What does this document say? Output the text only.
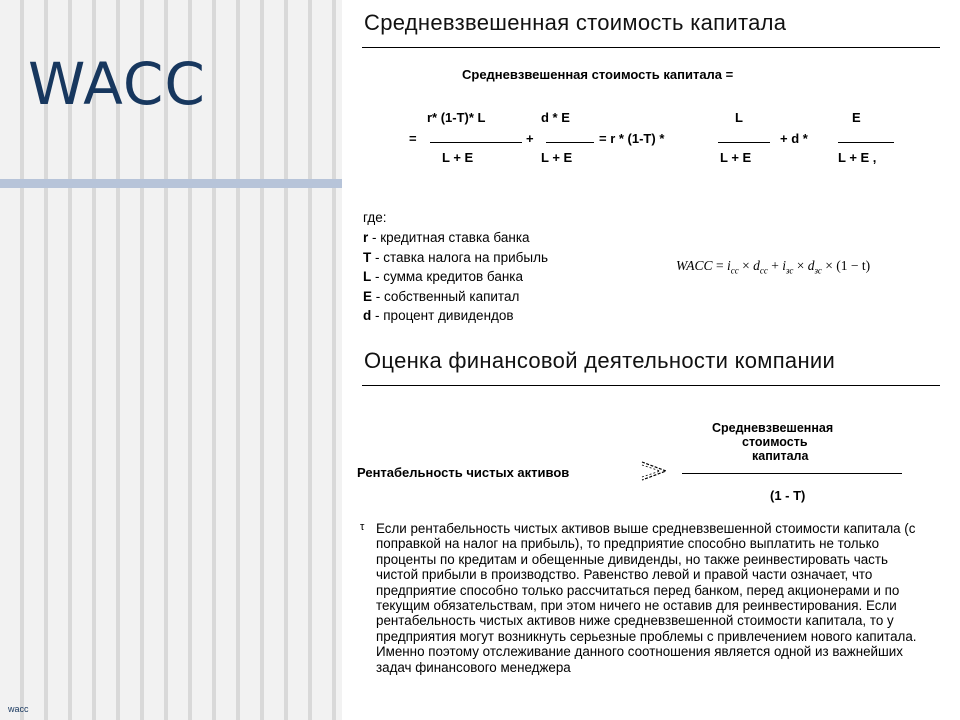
WACC
wacc
Средневзвешенная стоимость капитала
Средневзвешенная стоимость капитала =
=
r* (1-T)* L
L + E
+
d * E
L + E
= r * (1-T) *
L
L + E
+ d *
E
L + E ,
где:
r - кредитная ставка банка
T - ставка налога на прибыль
L - сумма кредитов банка
E - собственный капитал
d - процент дивидендов
WACC = $i_{cc} \times d_{cc} + i_{зс} \times d_{зс} \times (1 - t)$
Оценка финансовой деятельности компании
Рентабельность чистых активов
Средневзвешенная
стоимость
капитала
(1 - T)
τ Если рентабельность чистых активов выше средневзвешенной стоимости капитала (с поправкой на налог на прибыль), то предприятие способно выплатить не только проценты по кредитам и обещенные дивиденды, но также реинвестировать часть чистой прибыли в производство. Равенство левой и правой части означает, что предприятие способно только рассчитаться перед банком, перед акционерами и по текущим обязательствам, при этом ничего не оставив для реинвестирования. Если рентабельность чистых активов ниже средневзвешенной стоимости капитала, то у предприятия могут возникнуть серьезные проблемы с привлечением нового капитала. Именно поэтому отслеживание данного соотношения является одной из важнейших задач финансового менеджера
